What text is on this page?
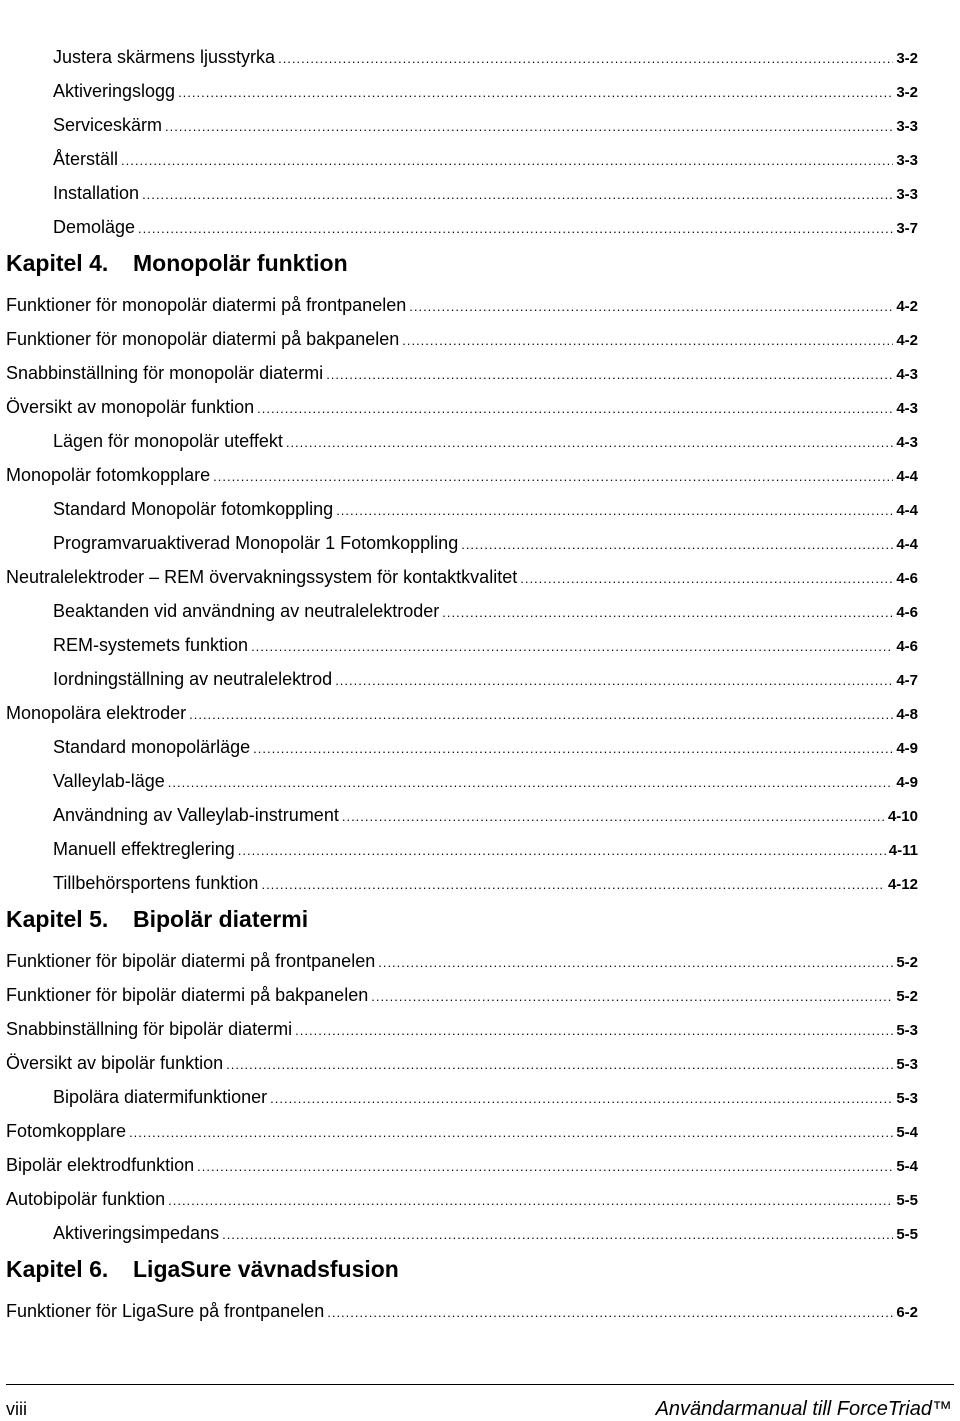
Justera skärmens ljusstyrka .....	3-2
Aktiveringslogg .....	3-2
Serviceskärm .....	3-3
Återställ .....	3-3
Installation .....	3-3
Demoläge .....	3-7
Kapitel 4. Monopolär funktion
Funktioner för monopolär diatermi på frontpanelen .....	4-2
Funktioner för monopolär diatermi på bakpanelen .....	4-2
Snabbinställning för monopolär diatermi .....	4-3
Översikt av monopolär funktion .....	4-3
Lägen för monopolär uteffekt .....	4-3
Monopolär fotomkopplare .....	4-4
Standard Monopolär fotomkoppling .....	4-4
Programvaruaktiverad Monopolär 1 Fotomkoppling .....	4-4
Neutralelektroder – REM övervakningssystem för kontaktkvalitet .....	4-6
Beaktanden vid användning av neutralelektroder .....	4-6
REM-systemets funktion .....	4-6
Iordningställning av neutralelektrod .....	4-7
Monopolära elektroder .....	4-8
Standard monopolärläge .....	4-9
Valleylab-läge .....	4-9
Användning av Valleylab-instrument .....	4-10
Manuell effektreglering .....	4-11
Tillbehörsportens funktion .....	4-12
Kapitel 5. Bipolär diatermi
Funktioner för bipolär diatermi på frontpanelen .....	5-2
Funktioner för bipolär diatermi på bakpanelen .....	5-2
Snabbinställning för bipolär diatermi .....	5-3
Översikt av bipolär funktion .....	5-3
Bipolära diatermifunktioner .....	5-3
Fotomkopplare .....	5-4
Bipolär elektrodfunktion .....	5-4
Autobipolär funktion .....	5-5
Aktiveringsimpedans .....	5-5
Kapitel 6. LigaSure vävnadsfusion
Funktioner för LigaSure på frontpanelen .....	6-2
viii	Användarmanual till ForceTriad™
